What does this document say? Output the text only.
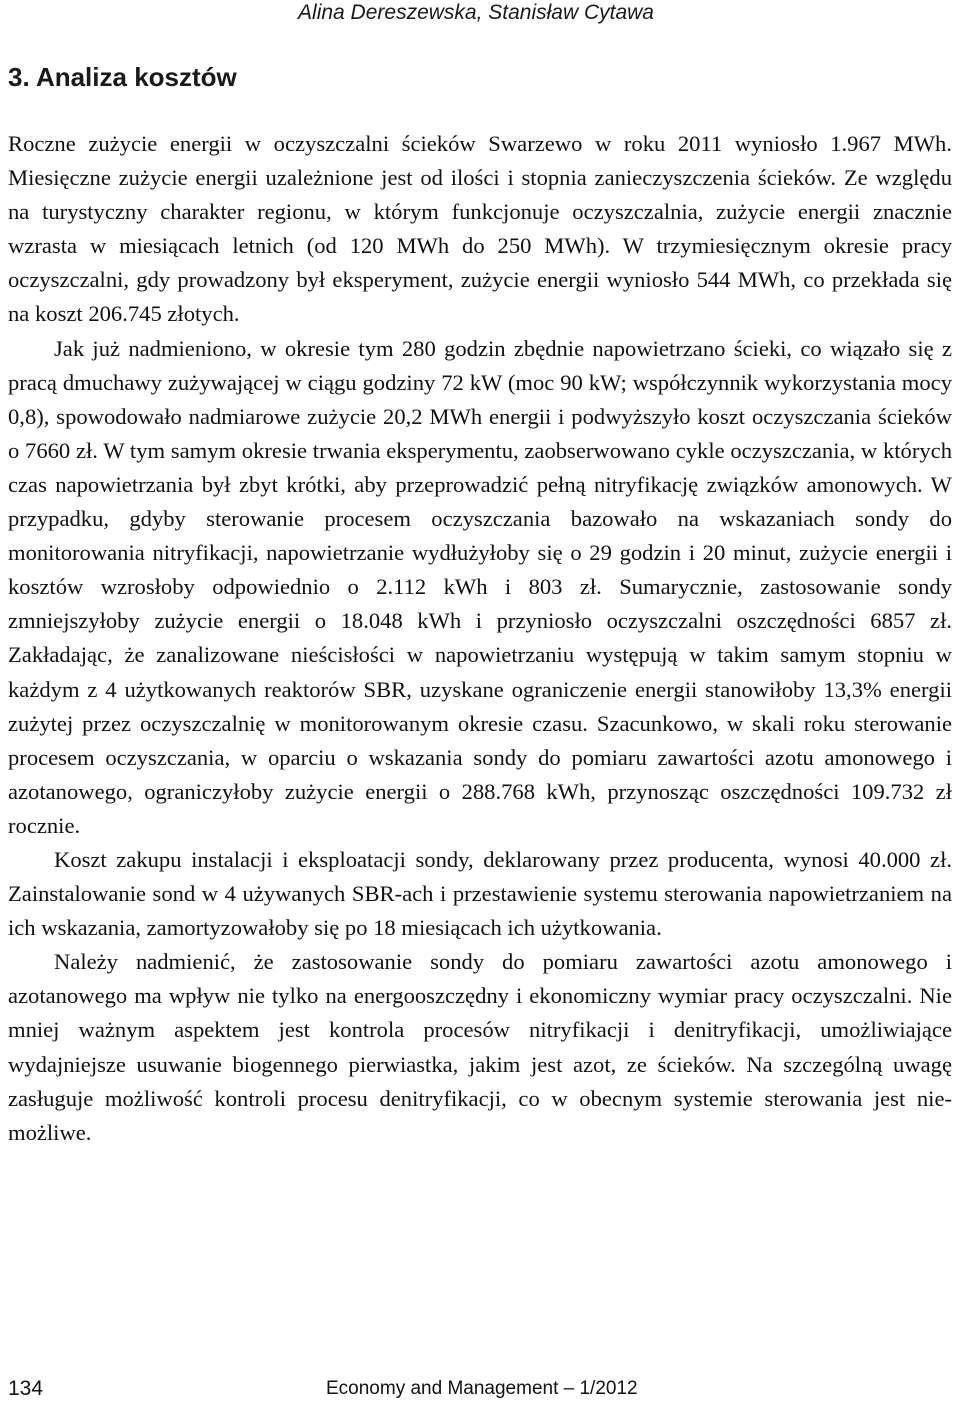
Alina Dereszewska, Stanisław Cytawa
3. Analiza kosztów

Roczne zużycie energii w oczyszczalni ścieków Swarzewo w roku 2011 wyniosło 1.967 MWh. Miesięczne zużycie energii uzależnione jest od ilości i stopnia zanieczyszczenia ścieków. Ze względu na turystyczny charakter regionu, w którym funkcjonuje oczyszczalnia, zużycie energii znacznie wzrasta w miesiącach letnich (od 120 MWh do 250 MWh). W trzymiesięcznym okresie pracy oczyszczalni, gdy prowadzony był eksperyment, zużycie energii wyniosło 544 MWh, co przekłada się na koszt 206.745 złotych.

Jak już nadmieniono, w okresie tym 280 godzin zbędnie napowietrzano ścieki, co wiązało się z pracą dmuchawy zużywającej w ciągu godziny 72 kW (moc 90 kW; współczynnik wykorzystania mocy 0,8), spowodowało nadmiarowe zużycie 20,2 MWh energii i podwyższyło koszt oczyszczania ścieków o 7660 zł. W tym samym okresie trwania eksperymentu, zaobserwowano cykle oczyszczania, w których czas napowietrzania był zbyt krótki, aby przeprowadzić pełną nitryfikację związków amonowych. W przypadku, gdyby sterowanie procesem oczyszczania bazowało na wskazaniach sondy do monitorowania nitryfikacji, napowietrzanie wydłużyłoby się o 29 godzin i 20 minut, zużycie energii i kosztów wzrosłoby odpowiednio o 2.112 kWh i 803 zł. Sumarycznie, zastosowanie sondy zmniejszyłoby zużycie energii o 18.048 kWh i przyniosło oczyszczalni oszczędności 6857 zł. Zakładając, że zanalizowane nieścisłości w napowietrzaniu występują w takim samym stopniu w każdym z 4 użytkowanych reaktorów SBR, uzyskane ograniczenie energii stanowiłoby 13,3% energii zużytej przez oczyszczalnię w monitorowanym okresie czasu. Szacunkowo, w skali roku sterowanie procesem oczyszczania, w oparciu o wskazania sondy do pomiaru zawartości azotu amonowego i azotanowego, ograniczyłoby zużycie energii o 288.768 kWh, przynosząc oszczędności 109.732 zł rocznie.

Koszt zakupu instalacji i eksploatacji sondy, deklarowany przez producenta, wynosi 40.000 zł. Zainstalowanie sond w 4 używanych SBR-ach i przestawienie systemu sterowania napowietrzaniem na ich wskazania, zamortyzowałoby się po 18 miesiącach ich użytkowania.

Należy nadmienić, że zastosowanie sondy do pomiaru zawartości azotu amonowego i azotanowego ma wpływ nie tylko na energooszczędny i ekonomiczny wymiar pracy oczyszczalni. Nie mniej ważnym aspektem jest kontrola procesów nitryfikacji i denitryfikacji, umożliwiające wydajniejsze usuwanie biogennego pierwiastka, jakim jest azot, ze ścieków. Na szczególną uwagę zasługuje możliwość kontroli procesu denitryfikacji, co w obecnym systemie sterowania jest niemożliwe.

134	Economy and Management – 1/2012
